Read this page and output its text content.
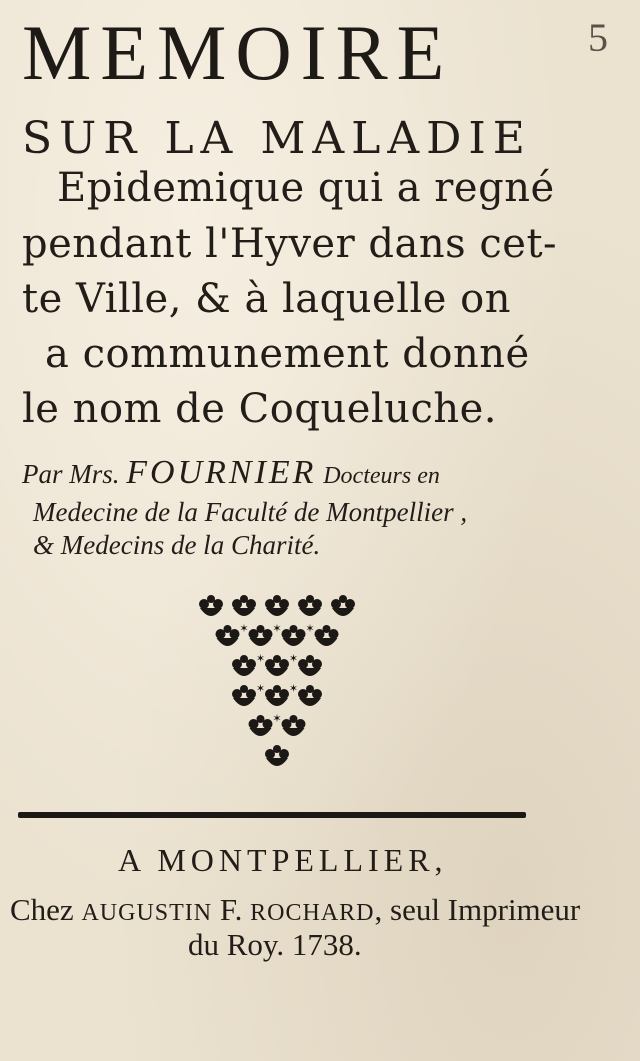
MEMOIRE	5
SUR LA MALADIE
Epidemique qui a regné
pendant l'Hyver dans cet-
te Ville, & à laquelle on
a communement donné
le nom de Coqueluche.
Par Mrs. FOURNIER Docteurs en
Medecine de la Faculté de Montpellier ,
& Medecins de la Charité.
✶ ✶ ✶
✶ ✶
✶ ✶
✶
A MONTPELLIER,
Chez AUGUSTIN F. ROCHARD, seul Imprimeur
du Roy. 1738.
